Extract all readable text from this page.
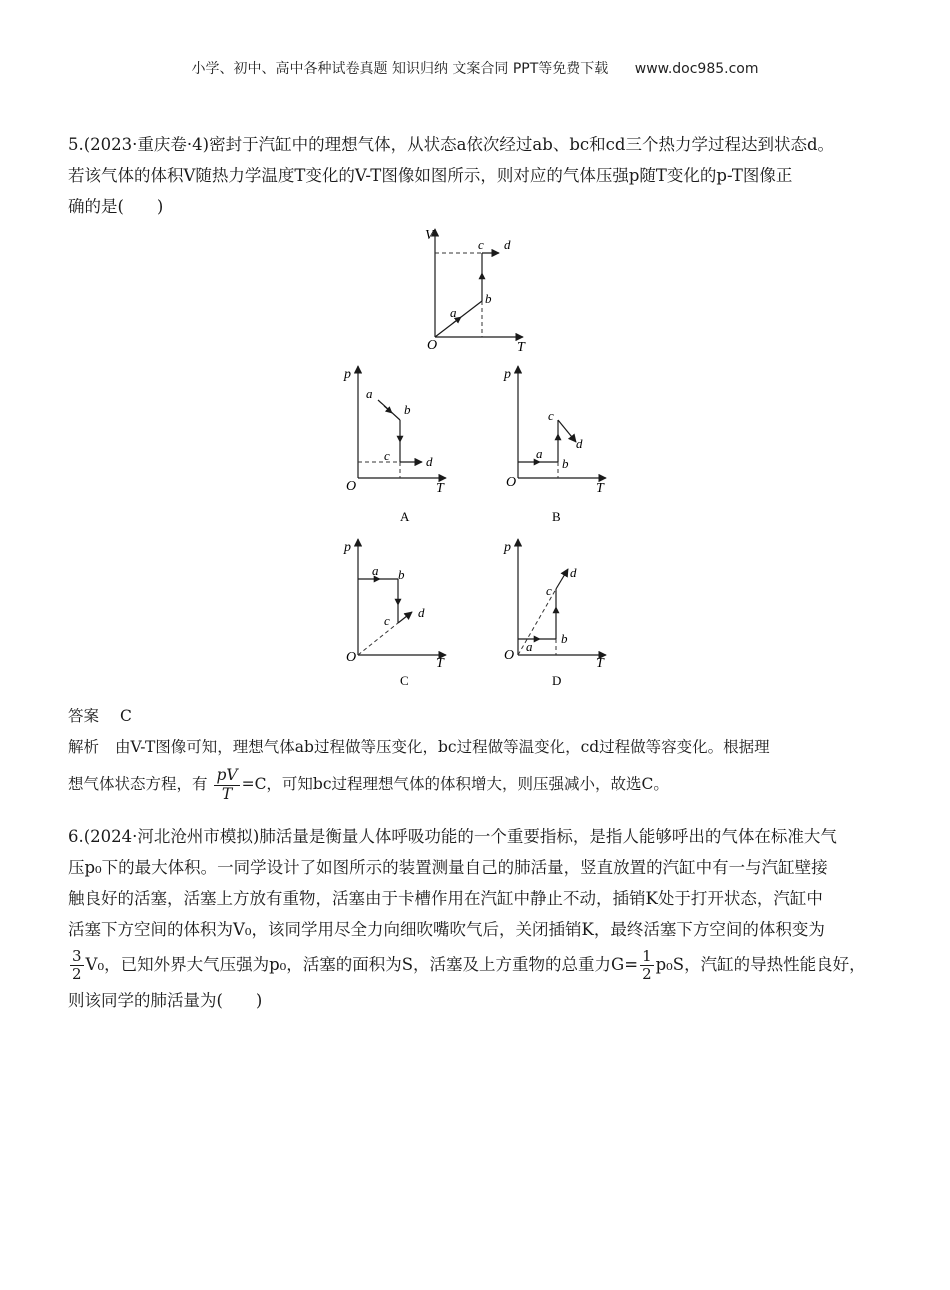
小学、初中、高中各种试卷真题 知识归纳 文案合同 PPT等免费下载 www.doc985.com
5.(2023·重庆卷·4)密封于汽缸中的理想气体，从状态a依次经过ab、bc和cd三个热力学过程达到状态d。
若该气体的体积V随热力学温度T变化的V-T图像如图所示，则对应的气体压强p随T变化的p-T图像正
确的是(　　)
V
T
O
a
b
c d
p
T
O
a
b
c	d
A
p
T
O
a
b
c
d
B
p
T
O
a b
c
d
C
p
T
O
a
b
c
d
D
答案 C
解析 由V-T图像可知，理想气体ab过程做等压变化，bc过程做等温变化，cd过程做等容变化。根据理
想气体状态方程，有 $\frac{pV}{T} =C$，可知bc过程理想气体的体积增大，则压强减小，故选C。
6.(2024·河北沧州市模拟)肺活量是衡量人体呼吸功能的一个重要指标，是指人能够呼出的气体在标准大气
压p₀下的最大体积。一同学设计了如图所示的装置测量自己的肺活量，竖直放置的汽缸中有一与汽缸壁接
触良好的活塞，活塞上方放有重物，活塞由于卡槽作用在汽缸中静止不动，插销K处于打开状态，汽缸中
活塞下方空间的体积为V₀，该同学用尽全力向细吹嘴吹气后，关闭插销K，最终活塞下方空间的体积变为
$\frac{3}{2} V_0$，已知外界大气压强为p₀，活塞的面积为S，活塞及上方重物的总重力$G= \frac{1}{2} p_0S$，汽缸的导热性能良好，
则该同学的肺活量为(　　)
